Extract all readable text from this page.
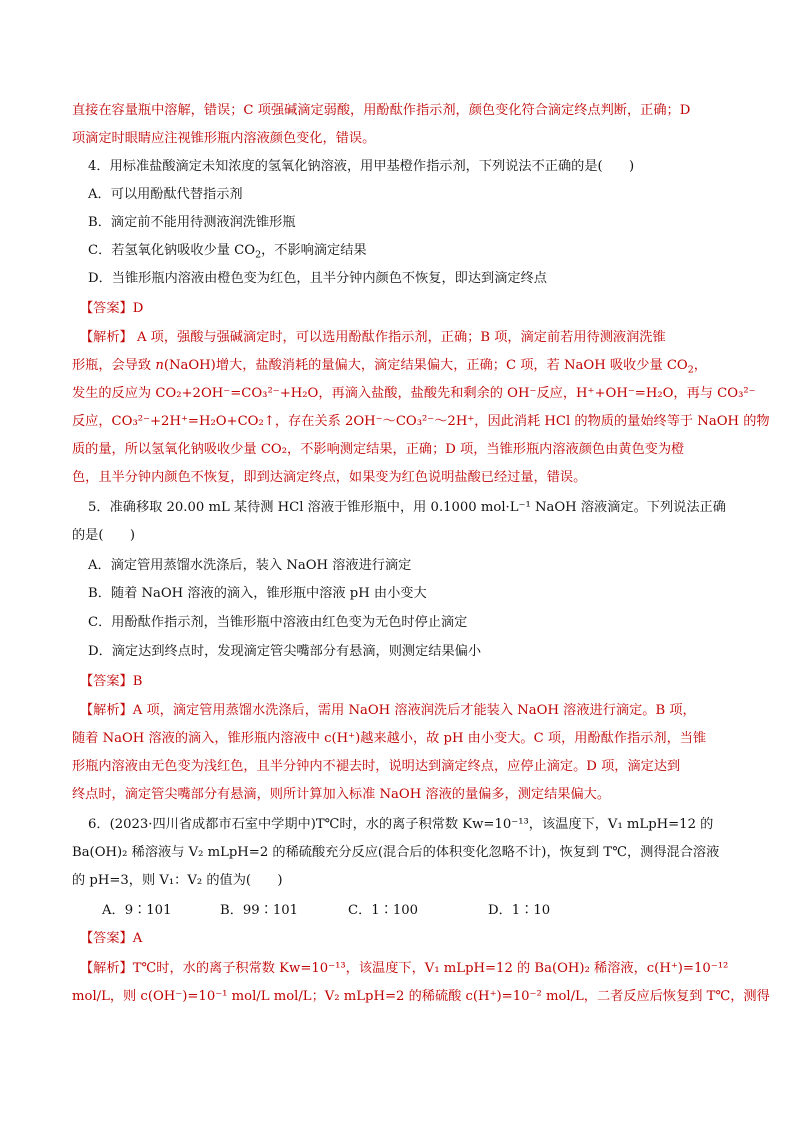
直接在容量瓶中溶解，错误；C 项强碱滴定弱酸，用酚酞作指示剂，颜色变化符合滴定终点判断，正确；D
项滴定时眼睛应注视锥形瓶内溶液颜色变化，错误。
4．用标准盐酸滴定未知浓度的氢氧化钠溶液，用甲基橙作指示剂，下列说法不正确的是(　　)
A．可以用酚酞代替指示剂
B．滴定前不能用待测液润洗锥形瓶
C．若氢氧化钠吸收少量 $CO_2$，不影响滴定结果
D．当锥形瓶内溶液由橙色变为红色，且半分钟内颜色不恢复，即达到滴定终点
【答案】D
【解析】 A 项，强酸与强碱滴定时，可以选用酚酞作指示剂，正确；B 项，滴定前若用待测液润洗锥
形瓶，会导致 n(NaOH)增大，盐酸消耗的量偏大，滴定结果偏大，正确；C 项，若 NaOH 吸收少量 $CO_2$，
发生的反应为 CO₂+2OH⁻=CO₃²⁻+H₂O，再滴入盐酸，盐酸先和剩余的 OH⁻反应，H⁺+OH⁻=H₂O，再与 CO₃²⁻
反应，CO₃²⁻+2H⁺=H₂O+CO₂↑，存在关系 2OH⁻～CO₃²⁻～2H⁺，因此消耗 HCl 的物质的量始终等于 NaOH 的物
质的量，所以氢氧化钠吸收少量 CO₂，不影响测定结果，正确；D 项，当锥形瓶内溶液颜色由黄色变为橙
色，且半分钟内颜色不恢复，即到达滴定终点，如果变为红色说明盐酸已经过量，错误。
5．准确移取 20.00 mL 某待测 HCl 溶液于锥形瓶中，用 0.1000 mol·L⁻¹ NaOH 溶液滴定。下列说法正确
的是(　　)
A．滴定管用蒸馏水洗涤后，装入 NaOH 溶液进行滴定
B．随着 NaOH 溶液的滴入，锥形瓶中溶液 pH 由小变大
C．用酚酞作指示剂，当锥形瓶中溶液由红色变为无色时停止滴定
D．滴定达到终点时，发现滴定管尖嘴部分有悬滴，则测定结果偏小
【答案】B
【解析】A 项，滴定管用蒸馏水洗涤后，需用 NaOH 溶液润洗后才能装入 NaOH 溶液进行滴定。B 项，
随着 NaOH 溶液的滴入，锥形瓶内溶液中 c(H⁺)越来越小，故 pH 由小变大。C 项，用酚酞作指示剂，当锥
形瓶内溶液由无色变为浅红色，且半分钟内不褪去时，说明达到滴定终点，应停止滴定。D 项，滴定达到
终点时，滴定管尖嘴部分有悬滴，则所计算加入标准 NaOH 溶液的量偏多，测定结果偏大。
6．(2023·四川省成都市石室中学期中)T℃时，水的离子积常数 Kw=10⁻¹³，该温度下，V₁ mLpH=12 的
Ba(OH)₂ 稀溶液与 V₂ mLpH=2 的稀硫酸充分反应(混合后的体积变化忽略不计)，恢复到 T℃，测得混合溶液
的 pH=3，则 V₁：V₂ 的值为(　　)
A．9∶101	B．99∶101	C．1∶100	D．1∶10
【答案】A
【解析】T℃时，水的离子积常数 Kw=10⁻¹³，该温度下，V₁ mLpH=12 的 Ba(OH)₂ 稀溶液，c(H⁺)=10⁻¹²
mol/L，则 c(OH⁻)=10⁻¹ mol/L mol/L；V₂ mLpH=2 的稀硫酸 c(H⁺)=10⁻² mol/L，二者反应后恢复到 T℃，测得
